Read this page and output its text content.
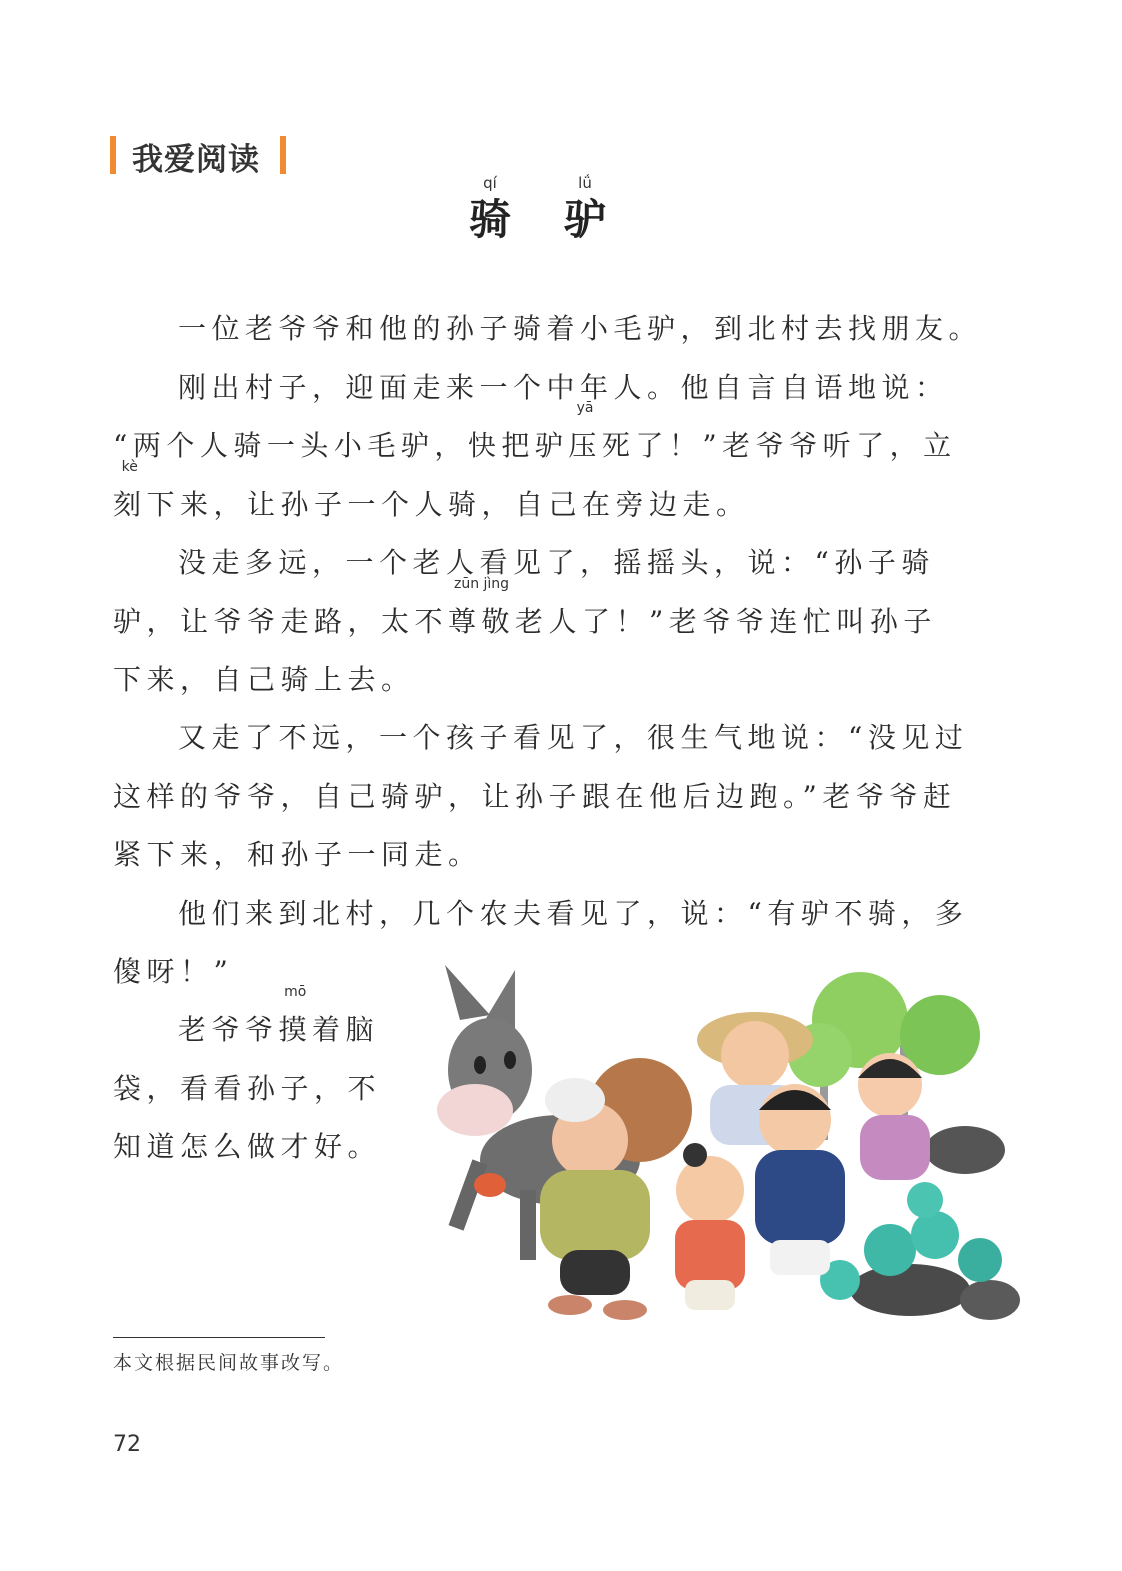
我爱阅读
qí
骑
lǘ
驴
一位老爷爷和他的孙子骑着小毛驴，到北村去找朋友。
刚出村子，迎面走来一个中年人。他自言自语地说：
“两个人骑一头小毛驴，快把驴
yā
压死了！”老爷爷听了，立
kè
刻下来，让孙子一个人骑，自己在旁边走。
没走多远，一个老人看见了，摇摇头，说：“孙子骑
驴，让爷爷走路，太不
zūn jìng
尊敬老人了！”老爷爷连忙叫孙子
下来，自己骑上去。
又走了不远，一个孩子看见了，很生气地说：“没见过
这样的爷爷，自己骑驴，让孙子跟在他后边跑。”老爷爷赶
紧下来，和孙子一同走。
他们来到北村，几个农夫看见了，说：“有驴不骑，多
傻呀！”
老爷爷
mō
摸着脑
袋，看看孙子，不
知道怎么做才好。
本文根据民间故事改写。
72
